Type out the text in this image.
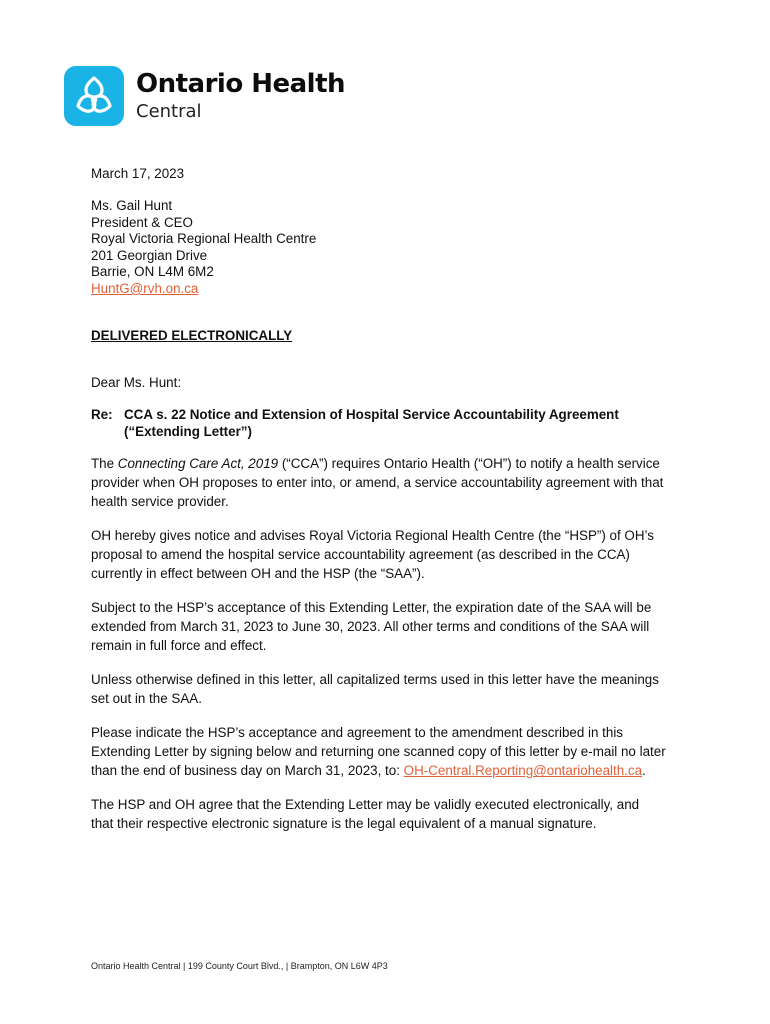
Ontario Health
Central
March 17, 2023
Ms. Gail Hunt
President & CEO
Royal Victoria Regional Health Centre
201 Georgian Drive
Barrie, ON L4M 6M2
HuntG@rvh.on.ca
DELIVERED ELECTRONICALLY
Dear Ms. Hunt:
Re: CCA s. 22 Notice and Extension of Hospital Service Accountability Agreement
(“Extending Letter”)
The Connecting Care Act, 2019 (“CCA”) requires Ontario Health (“OH”) to notify a health service
provider when OH proposes to enter into, or amend, a service accountability agreement with that
health service provider.
OH hereby gives notice and advises Royal Victoria Regional Health Centre (the “HSP”) of OH’s
proposal to amend the hospital service accountability agreement (as described in the CCA)
currently in effect between OH and the HSP (the “SAA”).
Subject to the HSP’s acceptance of this Extending Letter, the expiration date of the SAA will be
extended from March 31, 2023 to June 30, 2023. All other terms and conditions of the SAA will
remain in full force and effect.
Unless otherwise defined in this letter, all capitalized terms used in this letter have the meanings
set out in the SAA.
Please indicate the HSP’s acceptance and agreement to the amendment described in this
Extending Letter by signing below and returning one scanned copy of this letter by e-mail no later
than the end of business day on March 31, 2023, to: OH-Central.Reporting@ontariohealth.ca.
The HSP and OH agree that the Extending Letter may be validly executed electronically, and
that their respective electronic signature is the legal equivalent of a manual signature.
Ontario Health Central | 199 County Court Blvd., | Brampton, ON L6W 4P3
